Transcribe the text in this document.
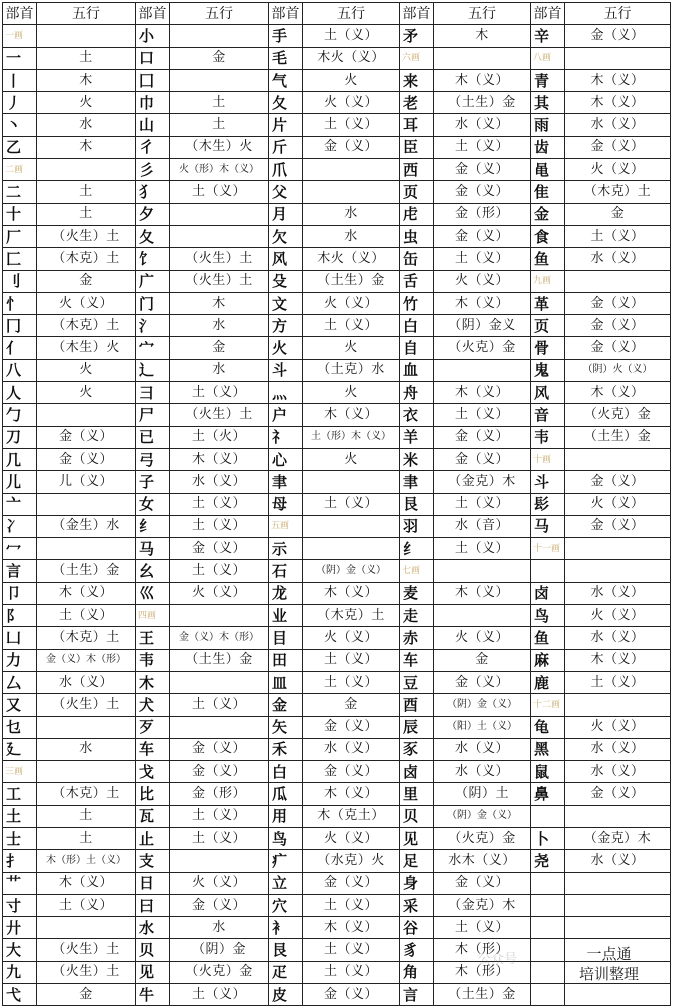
部首	五行	部首	五行	部首	五行	部首	五行	部首	五行
一画		小		手	土（义）	矛	木	辛	金（义）
一	土	口	金	毛	木火（义）	六画		八画	
丨	木	囗		气	火	来	木（义）	青	木（义）
丿	火	巾	土	夂	火（义）	老	（土生）金	其	木（义）
丶	水	山	土	片	土（义）	耳	水（义）	雨	水（义）
乙	木	彳	（木生）火	斤	金（义）	臣	土（义）	齿	金（义）
二画		彡	火（形）木（义）	爪		西	金（义）	黾	火（义）
二	土	犭	土（义）	父		页	金（义）	隹	（木克）土
十	土	夕		月	水	虍	金（形）	金	金
厂	（火生）土	夂		欠	水	虫	金（义）	食	土（义）
匚	（木克）土	饣	（火生）土	风	木火（义）	缶	土（义）	鱼	水（义）
刂	金	广	（火生）土	殳	（土生）金	舌	火（义）	九画	
忄	火（义）	门	木	文	火（义）	竹	木（义）	革	金（义）
冂	（木克）土	氵	水	方	土（义）	白	（阴）金义	页	金（义）
亻	（木生）火	宀	金	火	火	自	（火克）金	骨	金（义）
八	火	辶	水	斗	（土克）水	血		鬼	（阴）火（义）
人	火	彐	土（义）	灬	火	舟	木（义）	风	木（义）
勹		尸	（火生）土	户	木（义）	衣	土（义）	音	（火克）金
刀	金（义）	已	土（火）	礻	土（形）木（义）	羊	金（义）	韦	（土生）金
几	金（义）	弓	木（义）	心	火	米	金（义）	十画	
儿	儿（义）	子	水（义）	聿		聿	（金克）木	斗	金（义）
亠		女	土（义）	母	土（义）	艮	土（义）	髟	火（义）
冫	（金生）水	纟	土（义）	五画		羽	水（音）	马	金（义）
冖		马	金（义）	示		纟	土（义）	十一画	
言	（土生）金	幺	土（义）	石	（阴）金（义）	七画			
卩	木（义）	巛	火（义）	龙	木（义）	麦	木（义）	卤	水（义）
阝	土（义）	四画		业	（木克）土	走		鸟	火（义）
凵	（木克）土	王	金（义）木（形）	目	火（义）	赤	火（义）	鱼	水（义）
力	金（义）木（形）	韦	（土生）金	田	土（义）	车	金	麻	木（义）
厶	水（义）	木		皿	土（义）	豆	金（义）	鹿	土（义）
又	（火生）土	犬	土（义）	金	金	酉	（阴）金（义）	十二画	
乜		歹		矢	金（义）	辰	（阳）土（义）	龟	火（义）
廴	水	车	金（义）	禾	水（义）	豕	水（义）	黑	水（义）
三画		戈	金（义）	白	金（义）	卤	水（义）	鼠	水（义）
工	（木克）土	比	金（形）	瓜	木（义）	里	（阴）土	鼻	金（义）
土	土	瓦	土（义）	用	木（克土）	贝	（阴）金（义）		
士	土	止	土（义）	鸟	火（义）	见	（火克）金	卜	（金克）木
扌	木（形）土（义）	支		疒	（水克）火	足	水木（义）	尧	水（义）
艹	木（义）	日	火（义）	立	金（义）	身	金（义）		
寸	土（义）	曰	金（义）	穴	土（义）	采	（金克）木		
廾		水	水	衤	木（义）	谷	土（义）		
大	（火生）土	贝	（阴）金	艮	土（义）	豸	木（形）		
九	（火生）土	见	（火克）金	疋	土（义）	角	木（形）		
弋	金	牛	土（义）	皮	金（义）	言	（土生）金		
公众号	一点通
培训整理
